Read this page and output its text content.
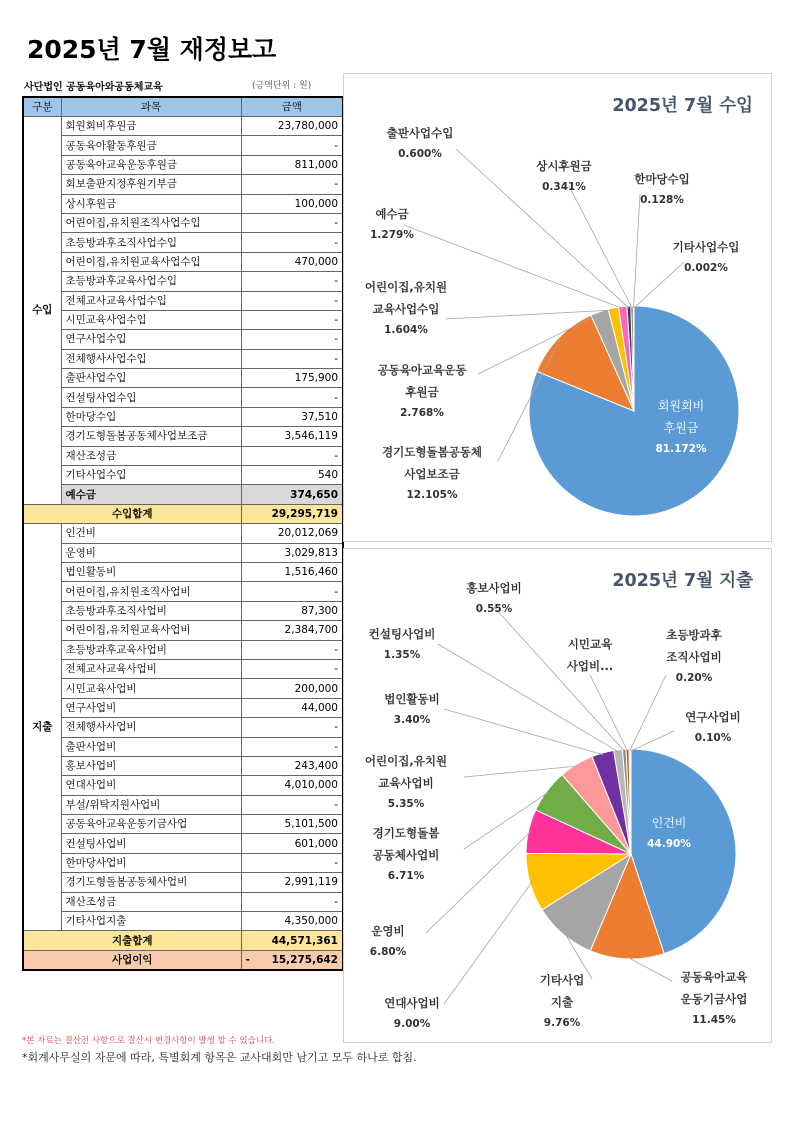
2025년 7월 재정보고
사단법인 공동육아와공동체교육	(금액단위 : 원)
구분	과목	금액
수입	회원회비후원금	23,780,000
	공동육아활동후원금	-
	공동육아교육운동후원금	811,000
	회보출판지정후원기부금	-
	상시후원금	100,000
	어린이집,유치원조직사업수입	-
	초등방과후조직사업수입	-
	어린이집,유치원교육사업수입	470,000
	초등방과후교육사업수입	-
	전체교사교육사업수입	-
	시민교육사업수입	-
	연구사업수입	-
	전체행사사업수입	-
	출판사업수입	175,900
	컨설팅사업수입	-
	한마당수입	37,510
	경기도형돌봄공동체사업보조금	3,546,119
	재산조성금	-
	기타사업수입	540
	예수금	374,650
수입합계		29,295,719
지출	인건비	20,012,069
	운영비	3,029,813
	법인활동비	1,516,460
	어린이집,유치원조직사업비	-
	초등방과후조직사업비	87,300
	어린이집,유치원교육사업비	2,384,700
	초등방과후교육사업비	-
	전체교사교육사업비	-
	시민교육사업비	200,000
	연구사업비	44,000
	전체행사사업비	-
	출판사업비	-
	홍보사업비	243,400
	연대사업비	4,010,000
	부설/위탁지원사업비	-
	공동육아교육운동기금사업	5,101,500
	컨설팅사업비	601,000
	한마당사업비	-
	경기도형돌봄공동체사업비	2,991,119
	재산조성금	-
	기타사업지출	4,350,000
지출합계		44,571,361
사업이익		- 15,275,642
*본 자료는 결산전 사항으로 결산시 변경사항이 발생 할 수 있습니다.
*회계사무실의 자문에 따라, 특별회계 항목은 교사대회만 남기고 모두 하나로 합침.
2025년 7월 수입
회원회비
후원금
81.172%
경기도형돌봄공동체
사업보조금
12.105%
공동육아교육운동
후원금
2.768%
어린이집,유치원
교육사업수입
1.604%
예수금
1.279%
출판사업수입
0.600%
상시후원금
0.341%
한마당수입
0.128%
기타사업수입
0.002%
2025년 7월 지출
인건비
44.90%
공동육아교육
운동기금사업
11.45%
기타사업
지출
9.76%
연대사업비
9.00%
운영비
6.80%
경기도형돌봄
공동체사업비
6.71%
어린이집,유치원
교육사업비
5.35%
법인활동비
3.40%
컨설팅사업비
1.35%
홍보사업비
0.55%
시민교육
사업비...
초등방과후
조직사업비
0.20%
연구사업비
0.10%
